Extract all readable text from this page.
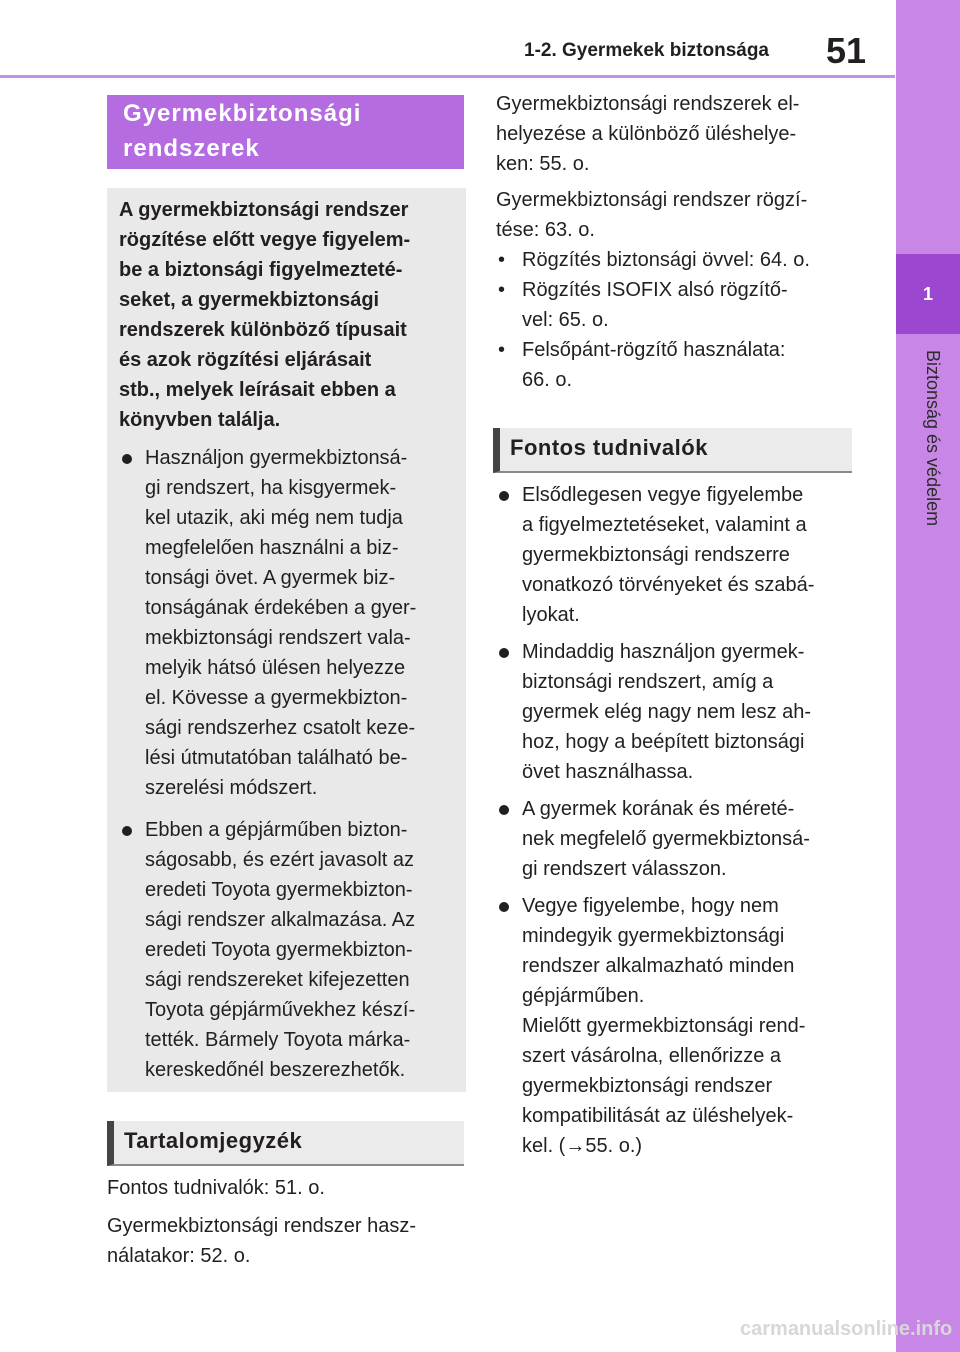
1-2. Gyermekek biztonsága 51
1
Biztonság és védelem
Gyermekbiztonsági
rendszerek
A gyermekbiztonsági rendszer
rögzítése előtt vegye figyelem-
be a biztonsági figyelmezteté-
seket, a gyermekbiztonsági
rendszerek különböző típusait
és azok rögzítési eljárásait
stb., melyek leírásait ebben a
könyvben találja.
Használjon gyermekbiztonsá-
gi rendszert, ha kisgyermek-
kel utazik, aki még nem tudja
megfelelően használni a biz-
tonsági övet. A gyermek biz-
tonságának érdekében a gyer-
mekbiztonsági rendszert vala-
melyik hátsó ülésen helyezze
el. Kövesse a gyermekbizton-
sági rendszerhez csatolt keze-
lési útmutatóban található be-
szerelési módszert.
Ebben a gépjárműben bizton-
ságosabb, és ezért javasolt az
eredeti Toyota gyermekbizton-
sági rendszer alkalmazása. Az
eredeti Toyota gyermekbizton-
sági rendszereket kifejezetten
Toyota gépjárművekhez készí-
tették. Bármely Toyota márka-
kereskedőnél beszerezhetők.
Tartalomjegyzék
Fontos tudnivalók: 51. o.
Gyermekbiztonsági rendszer hasz-
nálatakor: 52. o.
Gyermekbiztonsági rendszerek el-
helyezése a különböző üléshelye-
ken: 55. o.
Gyermekbiztonsági rendszer rögzí-
tése: 63. o.
• Rögzítés biztonsági övvel: 64. o.
• Rögzítés ISOFIX alsó rögzítő-
vel: 65. o.
• Felsőpánt-rögzítő használata:
66. o.
Fontos tudnivalók
Elsődlegesen vegye figyelembe
a figyelmeztetéseket, valamint a
gyermekbiztonsági rendszerre
vonatkozó törvényeket és szabá-
lyokat.
Mindaddig használjon gyermek-
biztonsági rendszert, amíg a
gyermek elég nagy nem lesz ah-
hoz, hogy a beépített biztonsági
övet használhassa.
A gyermek korának és méreté-
nek megfelelő gyermekbiztonsá-
gi rendszert válasszon.
Vegye figyelembe, hogy nem
mindegyik gyermekbiztonsági
rendszer alkalmazható minden
gépjárműben.
Mielőtt gyermekbiztonsági rend-
szert vásárolna, ellenőrizze a
gyermekbiztonsági rendszer
kompatibilitását az üléshelyek-
kel. (→55. o.)
carmanualsonline.info
